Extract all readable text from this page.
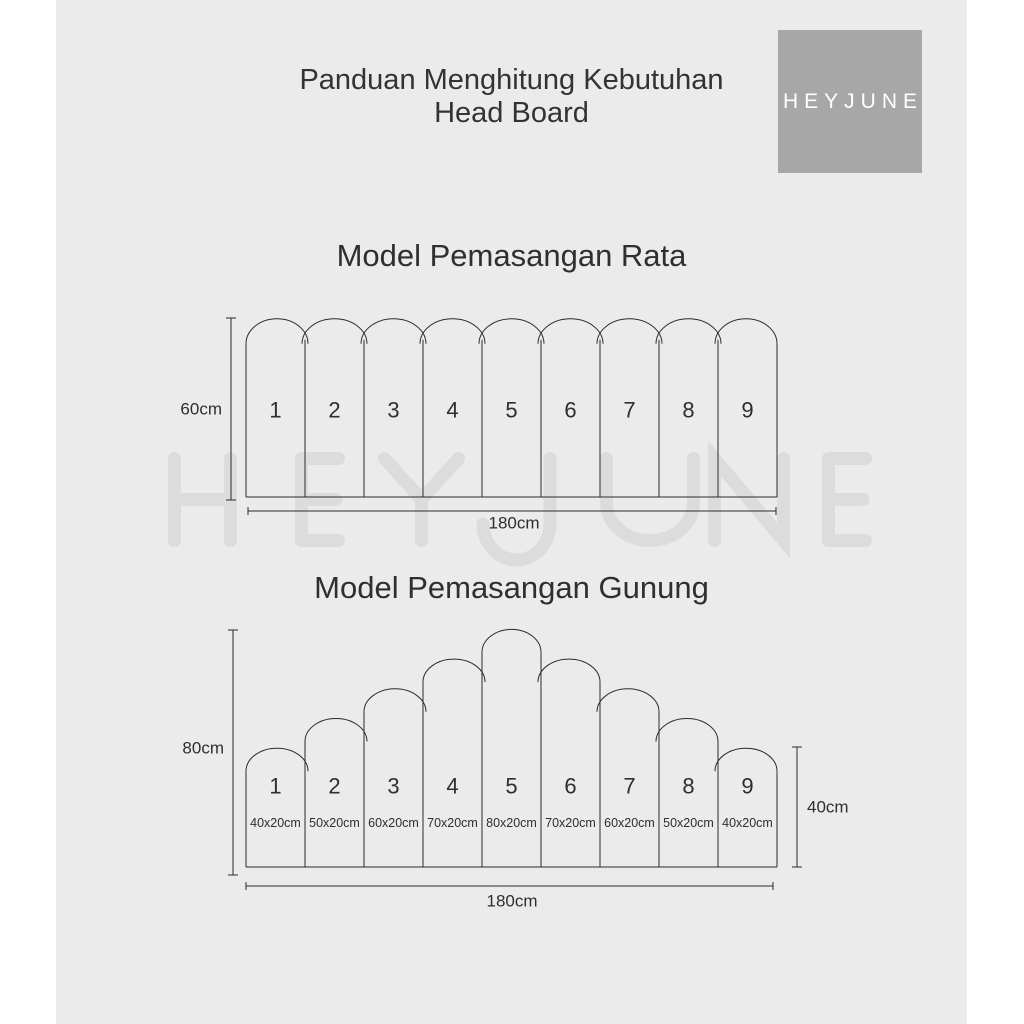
Panduan Menghitung Kebutuhan
Head Board	HEYJUNE
Model Pemasangan Rata
Model Pemasangan Gunung
1 2 3 4 5 6 7 8 9
60cm
180cm
1
40x20cm
2
50x20cm
3
60x20cm
4
70x20cm
5
80x20cm
6
70x20cm
7
60x20cm
8
50x20cm
9
40x20cm
80cm
40cm
180cm
